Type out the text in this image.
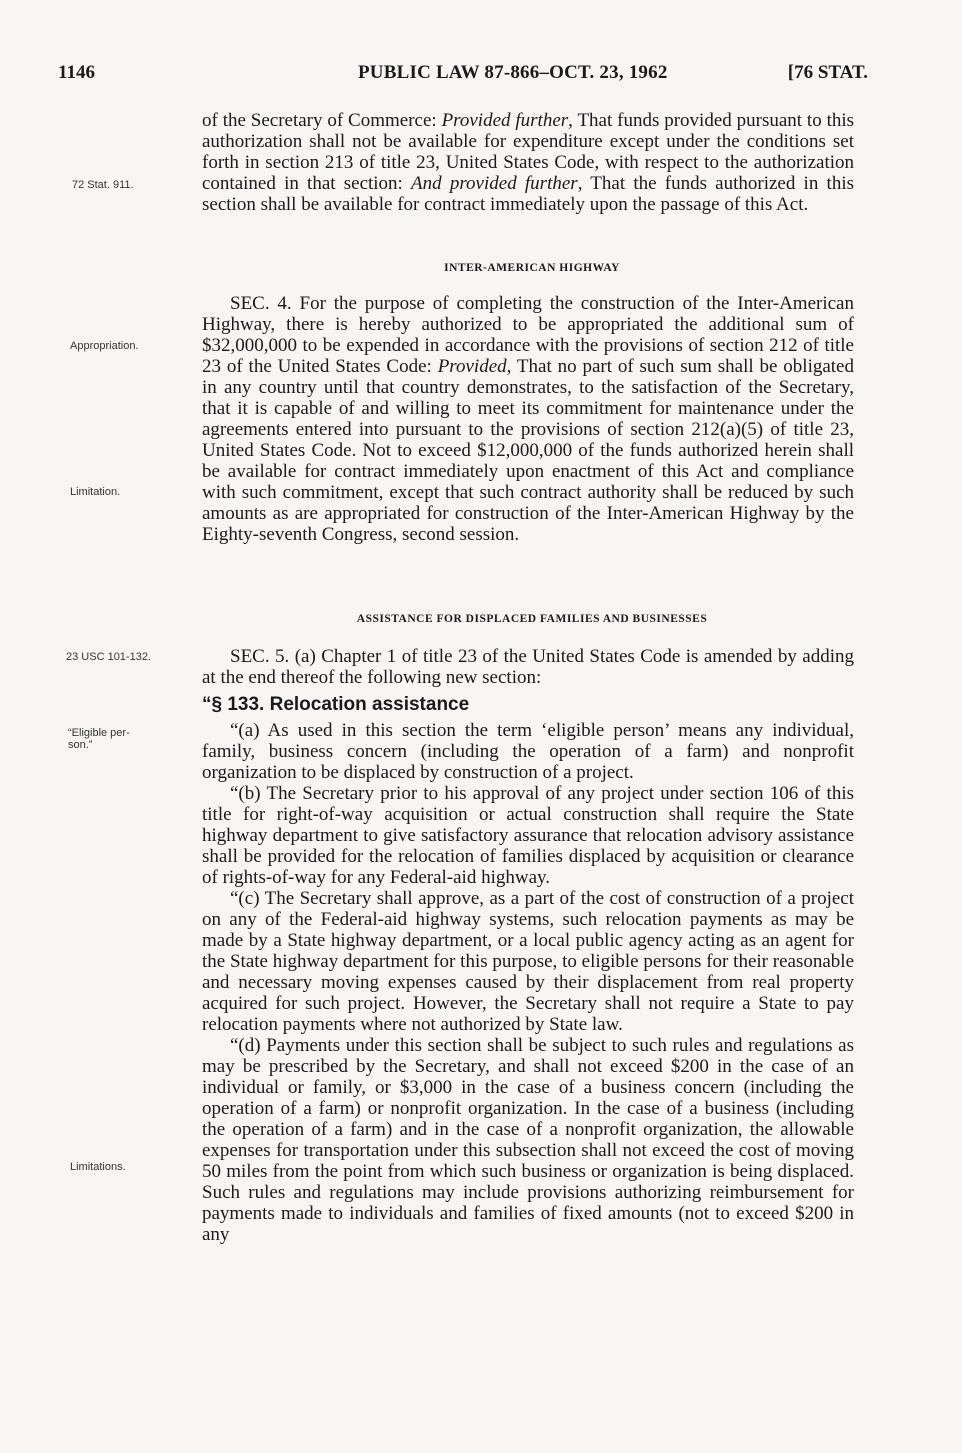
1146	PUBLIC LAW 87-866–OCT. 23, 1962	[76 STAT.
72 Stat. 911.
Appropriation.
Limitation.
23 USC 101-132.
“Eligible per-
son.”
Limitations.

of the Secretary of Commerce: Provided further, That funds provided pursuant to this authorization shall not be available for expenditure except under the conditions set forth in section 213 of title 23, United States Code, with respect to the authorization contained in that section: And provided further, That the funds authorized in this section shall be available for contract immediately upon the passage of this Act.

INTER-AMERICAN HIGHWAY

SEC. 4. For the purpose of completing the construction of the Inter-American Highway, there is hereby authorized to be appropriated the additional sum of $32,000,000 to be expended in accordance with the provisions of section 212 of title 23 of the United States Code: Provided, That no part of such sum shall be obligated in any country until that country demonstrates, to the satisfaction of the Secretary, that it is capable of and willing to meet its commitment for maintenance under the agreements entered into pursuant to the provisions of section 212(a)(5) of title 23, United States Code. Not to exceed $12,000,000 of the funds authorized herein shall be available for contract immediately upon enactment of this Act and compliance with such commitment, except that such contract authority shall be reduced by such amounts as are appropriated for construction of the Inter-American Highway by the Eighty-seventh Congress, second session.

ASSISTANCE FOR DISPLACED FAMILIES AND BUSINESSES

SEC. 5. (a) Chapter 1 of title 23 of the United States Code is amended by adding at the end thereof the following new section:

“§ 133. Relocation assistance

“(a) As used in this section the term ‘eligible person’ means any individual, family, business concern (including the operation of a farm) and nonprofit organization to be displaced by construction of a project.

“(b) The Secretary prior to his approval of any project under section 106 of this title for right-of-way acquisition or actual construction shall require the State highway department to give satisfactory assurance that relocation advisory assistance shall be provided for the relocation of families displaced by acquisition or clearance of rights-of-way for any Federal-aid highway.

“(c) The Secretary shall approve, as a part of the cost of construction of a project on any of the Federal-aid highway systems, such relocation payments as may be made by a State highway department, or a local public agency acting as an agent for the State highway department for this purpose, to eligible persons for their reasonable and necessary moving expenses caused by their displacement from real property acquired for such project. However, the Secretary shall not require a State to pay relocation payments where not authorized by State law.

“(d) Payments under this section shall be subject to such rules and regulations as may be prescribed by the Secretary, and shall not exceed $200 in the case of an individual or family, or $3,000 in the case of a business concern (including the operation of a farm) or nonprofit organization. In the case of a business (including the operation of a farm) and in the case of a nonprofit organization, the allowable expenses for transportation under this subsection shall not exceed the cost of moving 50 miles from the point from which such business or organization is being displaced. Such rules and regulations may include provisions authorizing reimbursement for payments made to individuals and families of fixed amounts (not to exceed $200 in any
